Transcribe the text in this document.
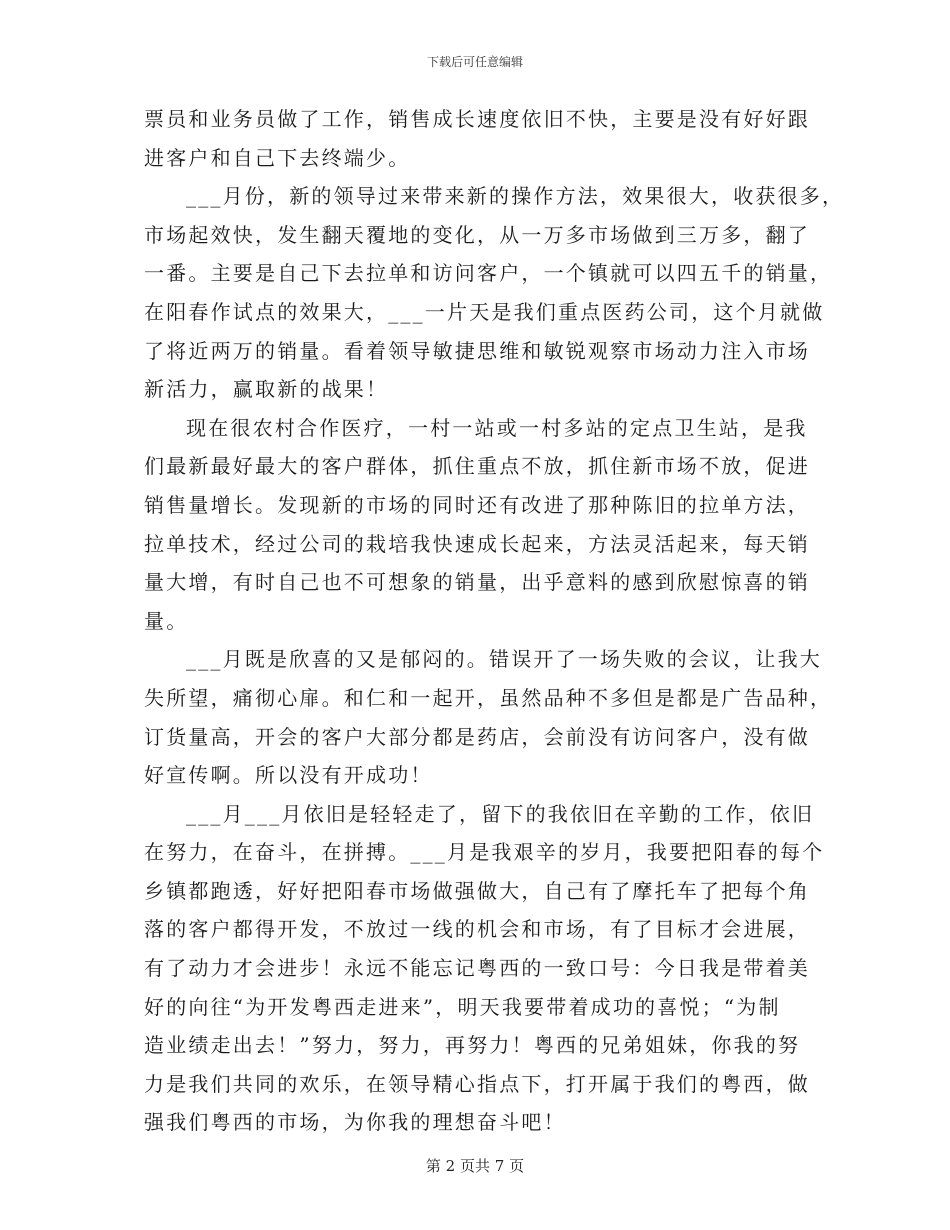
下载后可任意编辑
票员和业务员做了工作，销售成长速度依旧不快，主要是没有好好跟
进客户和自己下去终端少。
___月份，新的领导过来带来新的操作方法，效果很大，收获很多，
市场起效快，发生翻天覆地的变化，从一万多市场做到三万多，翻了
一番。主要是自己下去拉单和访问客户，一个镇就可以四五千的销量，
在阳春作试点的效果大，___一片天是我们重点医药公司，这个月就做
了将近两万的销量。看着领导敏捷思维和敏锐观察市场动力注入市场
新活力，赢取新的战果！
现在很农村合作医疗，一村一站或一村多站的定点卫生站，是我
们最新最好最大的客户群体，抓住重点不放，抓住新市场不放，促进
销售量增长。发现新的市场的同时还有改进了那种陈旧的拉单方法，
拉单技术，经过公司的栽培我快速成长起来，方法灵活起来，每天销
量大增，有时自己也不可想象的销量，出乎意料的感到欣慰惊喜的销
量。
___月既是欣喜的又是郁闷的。错误开了一场失败的会议，让我大
失所望，痛彻心扉。和仁和一起开，虽然品种不多但是都是广告品种，
订货量高，开会的客户大部分都是药店，会前没有访问客户，没有做
好宣传啊。所以没有开成功！
___月___月依旧是轻轻走了，留下的我依旧在辛勤的工作，依旧
在努力，在奋斗，在拼搏。___月是我艰辛的岁月，我要把阳春的每个
乡镇都跑透，好好把阳春市场做强做大，自己有了摩托车了把每个角
落的客户都得开发，不放过一线的机会和市场，有了目标才会进展，
有了动力才会进步！永远不能忘记粤西的一致口号：今日我是带着美
好的向往“为开发粤西走进来”，明天我要带着成功的喜悦；“为制
造业绩走出去！”努力，努力，再努力！粤西的兄弟姐妹，你我的努
力是我们共同的欢乐，在领导精心指点下，打开属于我们的粤西，做
强我们粤西的市场，为你我的理想奋斗吧！
第 2 页共 7 页
